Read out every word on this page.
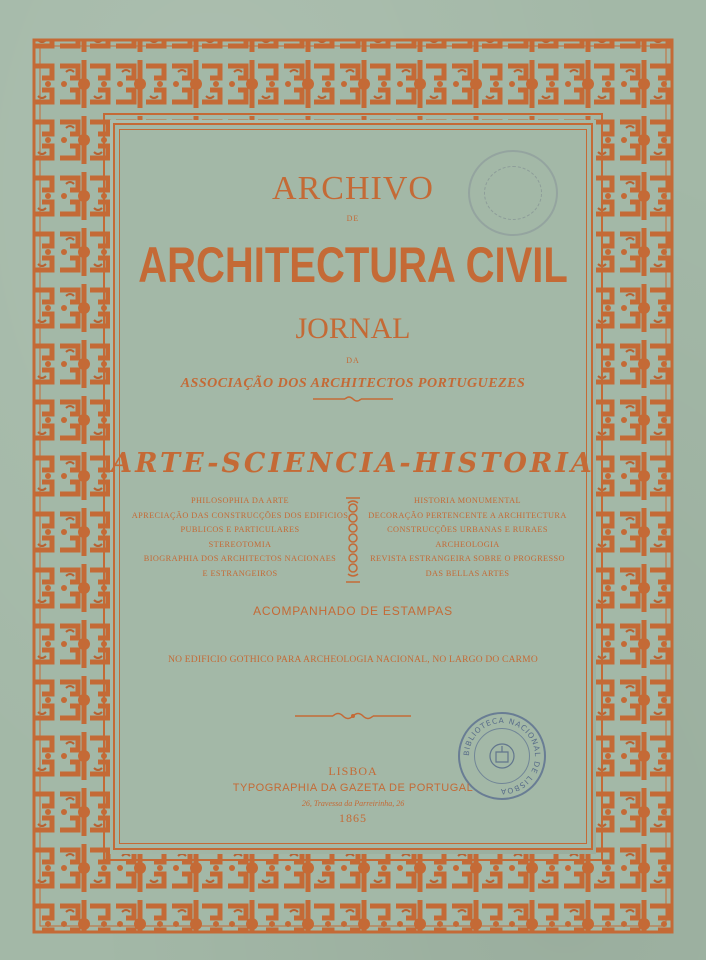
BIBLIOTECA NACIONAL DE LISBOA
ARCHIVO
DE
ARCHITECTURA CIVIL
JORNAL
DA
ASSOCIAÇÃO DOS ARCHITECTOS PORTUGUEZES
ARTE-SCIENCIA-HISTORIA
PHILOSOPHIA DA ARTE
APRECIAÇÃO DAS CONSTRUCÇÕES DOS EDIFICIOS
PUBLICOS E PARTICULARES
STEREOTOMIA
BIOGRAPHIA DOS ARCHITECTOS NACIONAES
E ESTRANGEIROS
HISTORIA MONUMENTAL
DECORAÇÃO PERTENCENTE A ARCHITECTURA
CONSTRUCÇÕES URBANAS E RURAES
ARCHEOLOGIA
REVISTA ESTRANGEIRA SOBRE O PROGRESSO
DAS BELLAS ARTES
ACOMPANHADO DE ESTAMPAS
NO EDIFICIO GOTHICO PARA ARCHEOLOGIA NACIONAL, NO LARGO DO CARMO
LISBOA
TYPOGRAPHIA DA GAZETA DE PORTUGAL
26, Travessa da Parreirinha, 26
1865
